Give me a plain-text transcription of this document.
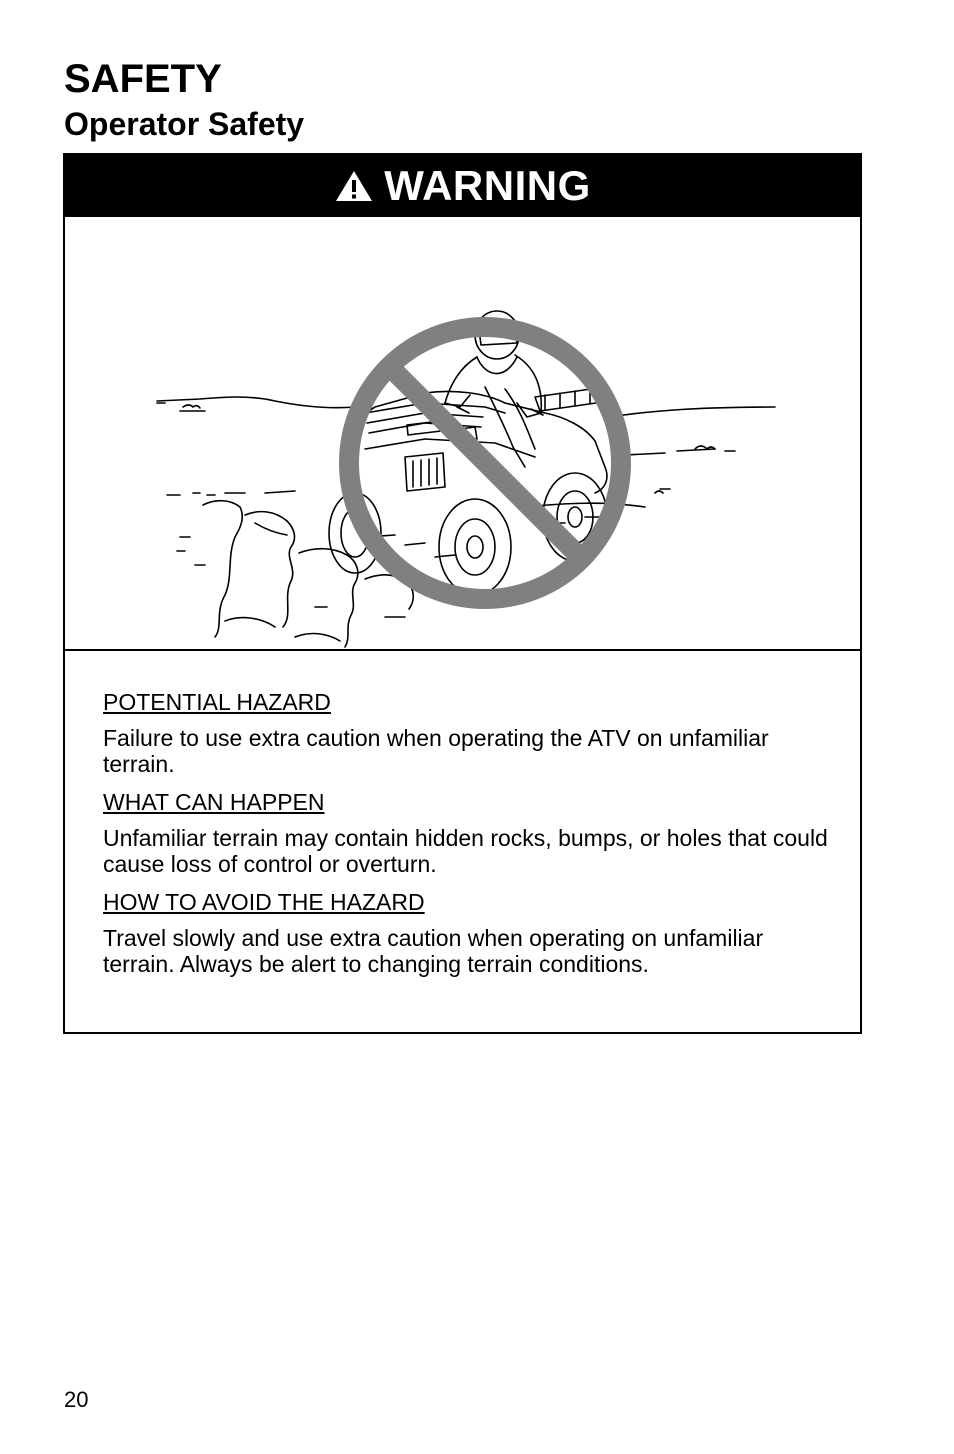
SAFETY
Operator Safety
WARNING
POTENTIAL HAZARD

Failure to use extra caution when operating the ATV on unfamiliar terrain.

WHAT CAN HAPPEN

Unfamiliar terrain may contain hidden rocks, bumps, or holes that could cause loss of control or overturn.

HOW TO AVOID THE HAZARD

Travel slowly and use extra caution when operating on unfamiliar terrain. Always be alert to changing terrain conditions.

20
